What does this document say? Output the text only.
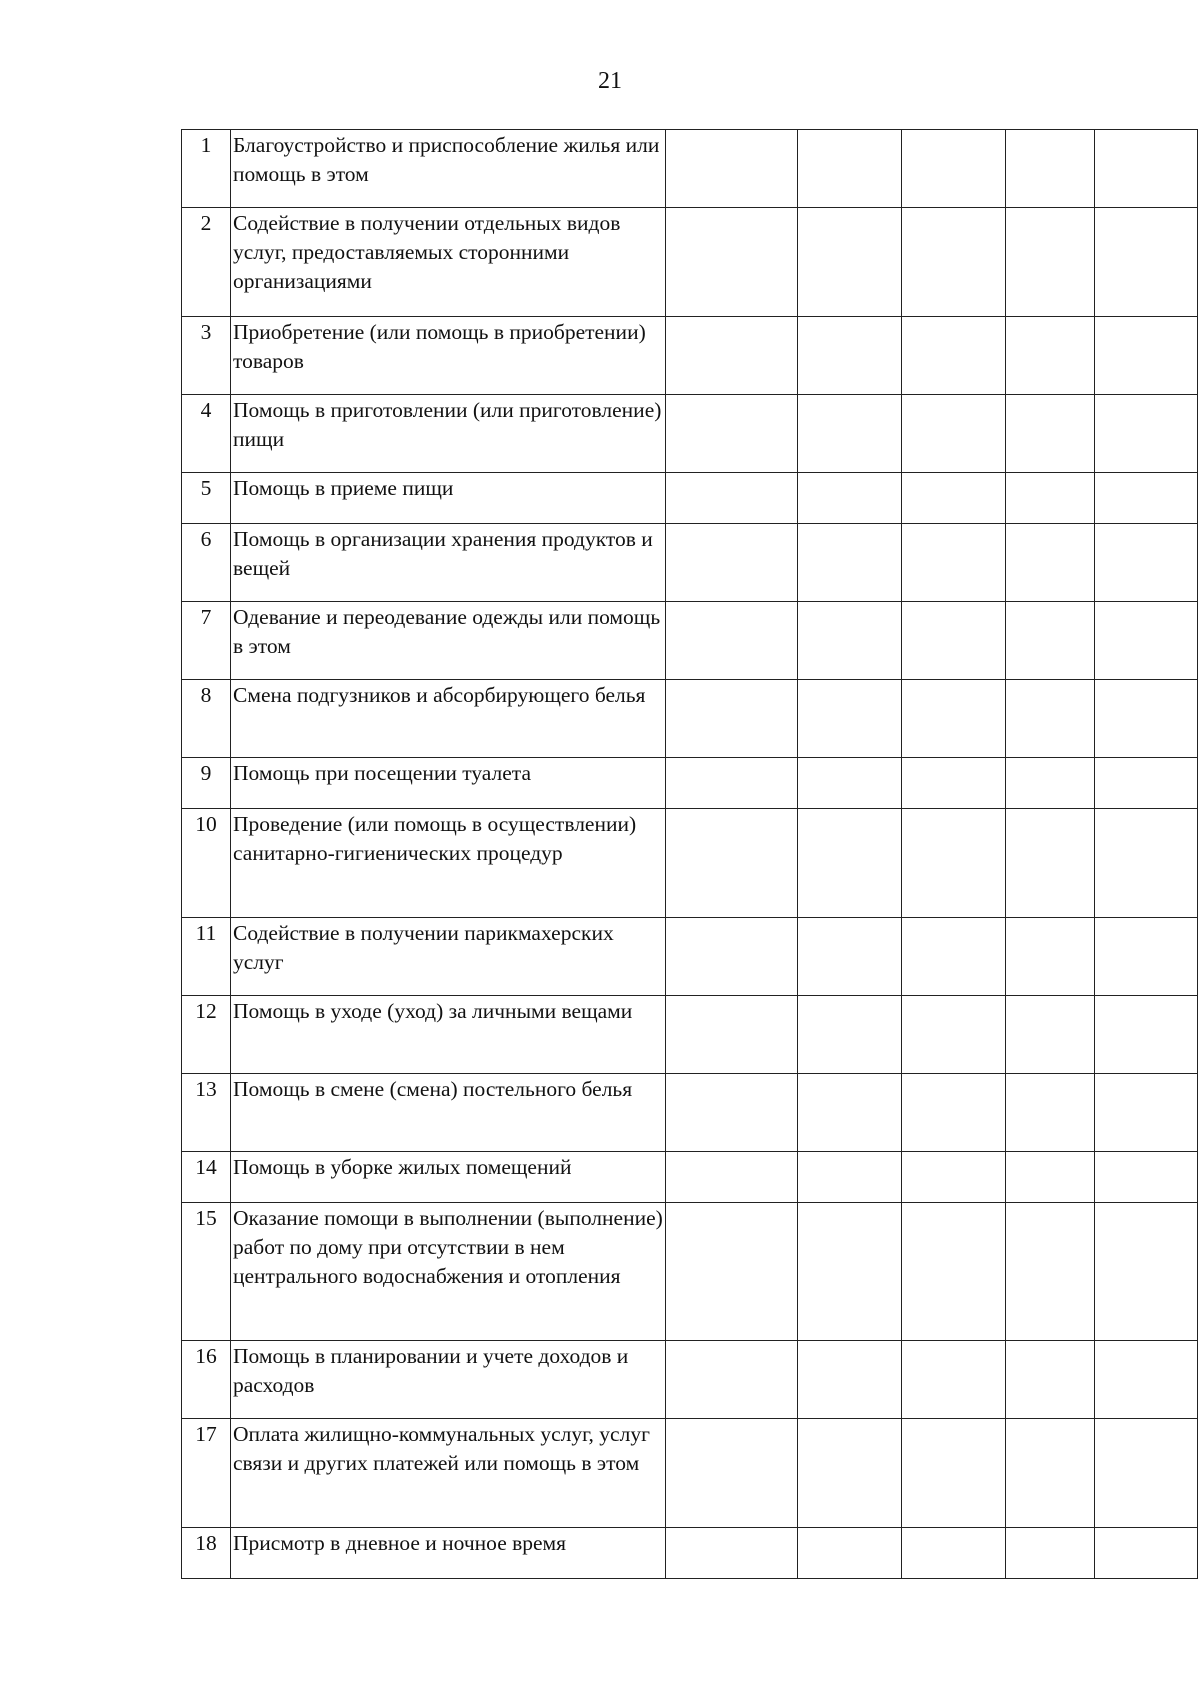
21
1	Благоустройство и приспособление жилья или помощь в этом					
2	Содействие в получении отдельных видов услуг, предоставляемых сторонними организациями					
3	Приобретение (или помощь в приобретении) товаров					
4	Помощь в приготовлении (или приготовление) пищи					
5	Помощь в приеме пищи					
6	Помощь в организации хранения продуктов и вещей					
7	Одевание и переодевание одежды или помощь в этом					
8	Смена подгузников и абсорбирующего белья					
9	Помощь при посещении туалета					
10	Проведение (или помощь в осуществлении) санитарно-гигиенических процедур					
11	Содействие в получении парикмахерских услуг					
12	Помощь в уходе (уход) за личными вещами					
13	Помощь в смене (смена) постельного белья					
14	Помощь в уборке жилых помещений					
15	Оказание помощи в выполнении (выполнение) работ по дому при отсутствии в нем центрального водоснабжения и отопления					
16	Помощь в планировании и учете доходов и расходов					
17	Оплата жилищно-коммунальных услуг, услуг связи и других платежей или помощь в этом					
18	Присмотр в дневное и ночное время					
